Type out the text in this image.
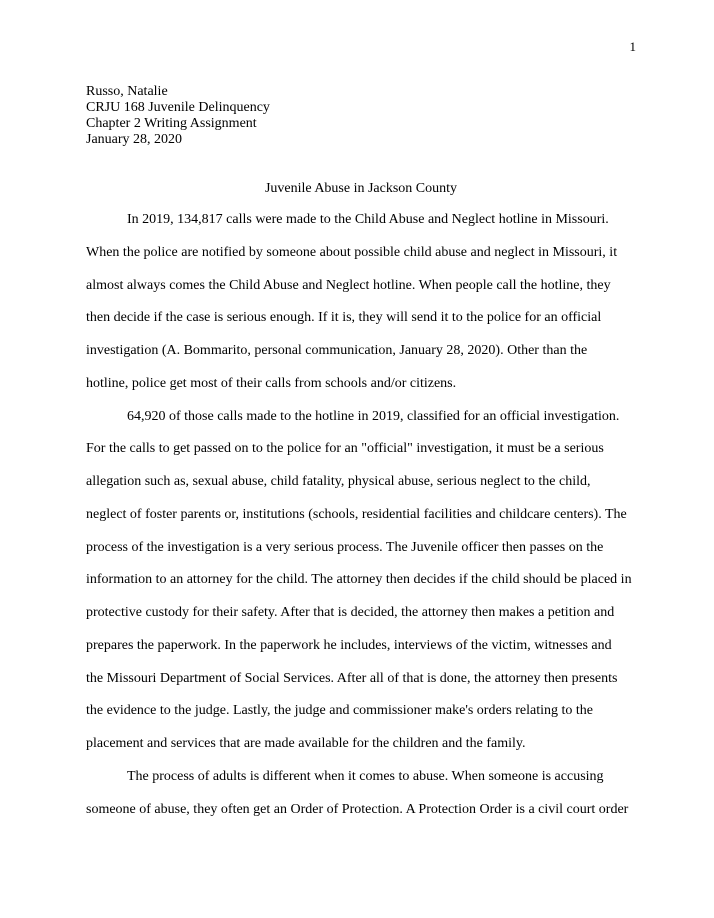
1
Russo, Natalie
CRJU 168 Juvenile Delinquency
Chapter 2 Writing Assignment
January 28, 2020
Juvenile Abuse in Jackson County
In 2019, 134,817 calls were made to the Child Abuse and Neglect hotline in Missouri.
When the police are notified by someone about possible child abuse and neglect in Missouri, it
almost always comes the Child Abuse and Neglect hotline. When people call the hotline, they
then decide if the case is serious enough. If it is, they will send it to the police for an official
investigation (A. Bommarito, personal communication, January 28, 2020). Other than the
hotline, police get most of their calls from schools and/or citizens.
64,920 of those calls made to the hotline in 2019, classified for an official investigation.
For the calls to get passed on to the police for an "official" investigation, it must be a serious
allegation such as, sexual abuse, child fatality, physical abuse, serious neglect to the child,
neglect of foster parents or, institutions (schools, residential facilities and childcare centers). The
process of the investigation is a very serious process. The Juvenile officer then passes on the
information to an attorney for the child. The attorney then decides if the child should be placed in
protective custody for their safety. After that is decided, the attorney then makes a petition and
prepares the paperwork. In the paperwork he includes, interviews of the victim, witnesses and
the Missouri Department of Social Services. After all of that is done, the attorney then presents
the evidence to the judge. Lastly, the judge and commissioner make's orders relating to the
placement and services that are made available for the children and the family.
The process of adults is different when it comes to abuse. When someone is accusing
someone of abuse, they often get an Order of Protection. A Protection Order is a civil court order
